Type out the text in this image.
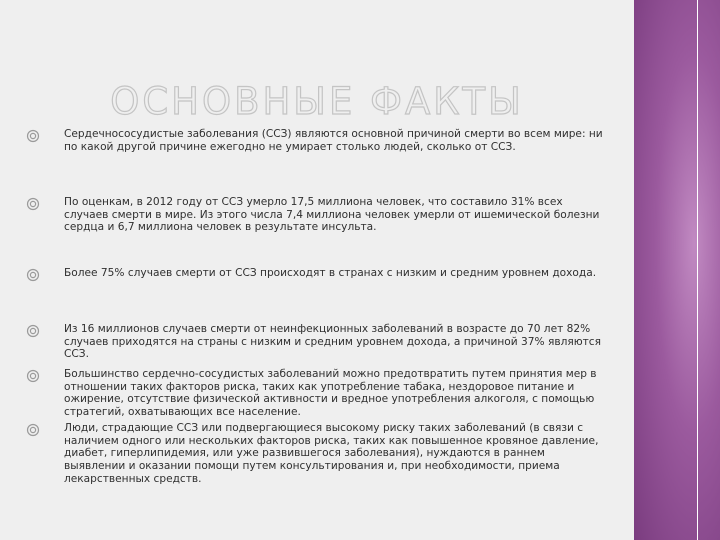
ОСНОВНЫЕ ФАКТЫ
Сердечнососудистые заболевания (ССЗ) являются основной причиной смерти во всем мире: ни по какой другой причине ежегодно не умирает столько людей, сколько от ССЗ.
По оценкам, в 2012 году от ССЗ умерло 17,5 миллиона человек, что составило 31% всех случаев смерти в мире. Из этого числа 7,4 миллиона человек умерли от ишемической болезни сердца и 6,7 миллиона человек в результате инсульта.
Более 75% случаев смерти от ССЗ происходят в странах с низким и средним уровнем дохода.
Из 16 миллионов случаев смерти от неинфекционных заболеваний в возрасте до 70 лет 82% случаев приходятся на страны с низким и средним уровнем дохода, а причиной 37% являются ССЗ.
Большинство сердечно-сосудистых заболеваний можно предотвратить путем принятия мер в отношении таких факторов риска, таких как употребление табака, нездоровое питание и ожирение, отсутствие физической активности и вредное употребления алкоголя, с помощью стратегий, охватывающих все население.
Люди, страдающие ССЗ или подвергающиеся высокому риску таких заболеваний (в связи с наличием одного или нескольких факторов риска, таких как повышенное кровяное давление, диабет, гиперлипидемия, или уже развившегося заболевания), нуждаются в раннем выявлении и оказании помощи путем консультирования и, при необходимости, приема лекарственных средств.
